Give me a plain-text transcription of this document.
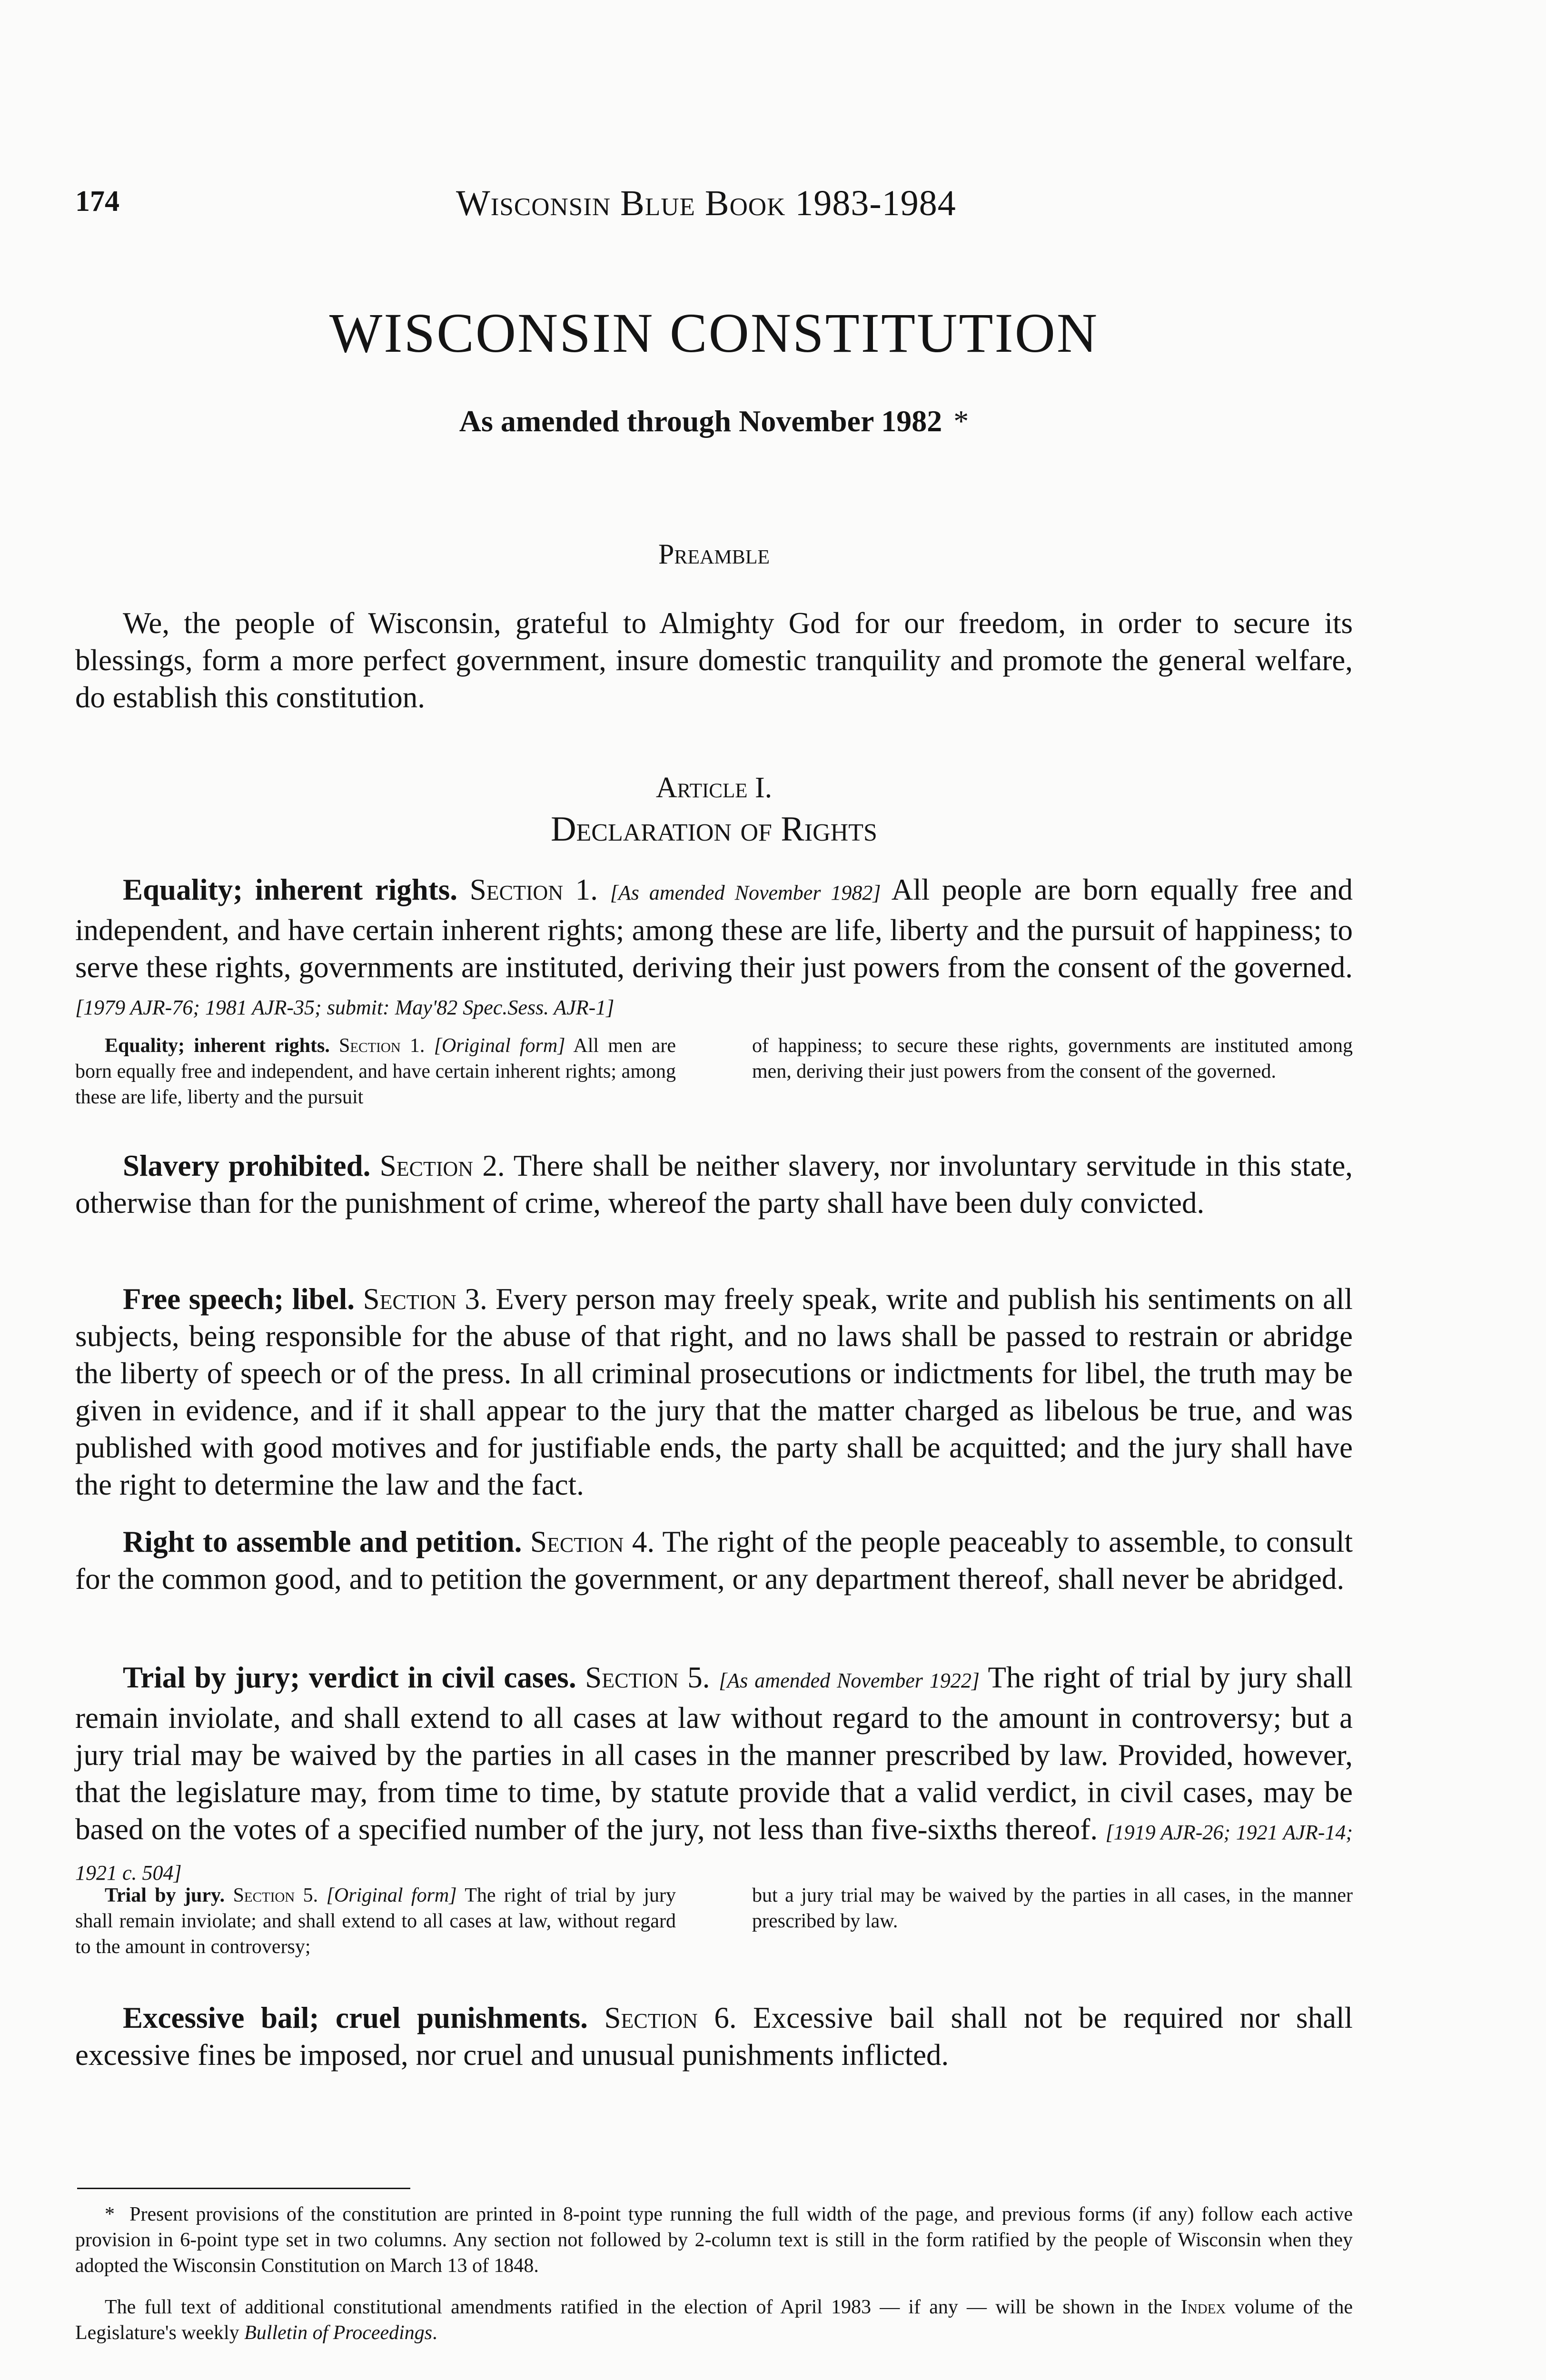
174	Wisconsin Blue Book 1983-1984
WISCONSIN CONSTITUTION
As amended through November 1982 *
Preamble

We, the people of Wisconsin, grateful to Almighty God for our freedom, in order to secure its blessings, form a more perfect government, insure domestic tranquility and promote the general welfare, do establish this constitution.

Article I.
Declaration of Rights

Equality; inherent rights. Section 1. [As amended November 1982] All people are born equally free and independent, and have certain inherent rights; among these are life, liberty and the pursuit of happiness; to serve these rights, governments are instituted, deriving their just powers from the consent of the governed. [1979 AJR-76; 1981 AJR-35; submit: May'82 Spec.Sess. AJR-1]

Equality; inherent rights. Section 1. [Original form] All men are born equally free and independent, and have certain inherent rights; among these are life, liberty and the pursuit

of happiness; to secure these rights, governments are instituted among men, deriving their just powers from the consent of the governed.

Slavery prohibited. Section 2. There shall be neither slavery, nor involuntary servitude in this state, otherwise than for the punishment of crime, whereof the party shall have been duly convicted.

Free speech; libel. Section 3. Every person may freely speak, write and publish his sentiments on all subjects, being responsible for the abuse of that right, and no laws shall be passed to restrain or abridge the liberty of speech or of the press. In all criminal prosecutions or indictments for libel, the truth may be given in evidence, and if it shall appear to the jury that the matter charged as libelous be true, and was published with good motives and for justifiable ends, the party shall be acquitted; and the jury shall have the right to determine the law and the fact.

Right to assemble and petition. Section 4. The right of the people peaceably to assemble, to consult for the common good, and to petition the government, or any department thereof, shall never be abridged.

Trial by jury; verdict in civil cases. Section 5. [As amended November 1922] The right of trial by jury shall remain inviolate, and shall extend to all cases at law without regard to the amount in controversy; but a jury trial may be waived by the parties in all cases in the manner prescribed by law. Provided, however, that the legislature may, from time to time, by statute provide that a valid verdict, in civil cases, may be based on the votes of a specified number of the jury, not less than five-sixths thereof. [1919 AJR-26; 1921 AJR-14; 1921 c. 504]

Trial by jury. Section 5. [Original form] The right of trial by jury shall remain inviolate; and shall extend to all cases at law, without regard to the amount in controversy;

but a jury trial may be waived by the parties in all cases, in the manner prescribed by law.

Excessive bail; cruel punishments. Section 6. Excessive bail shall not be required nor shall excessive fines be imposed, nor cruel and unusual punishments inflicted.

* Present provisions of the constitution are printed in 8-point type running the full width of the page, and previous forms (if any) follow each active provision in 6-point type set in two columns. Any section not followed by 2-column text is still in the form ratified by the people of Wisconsin when they adopted the Wisconsin Constitution on March 13 of 1848.

The full text of additional constitutional amendments ratified in the election of April 1983 — if any — will be shown in the Index volume of the Legislature's weekly Bulletin of Proceedings.
